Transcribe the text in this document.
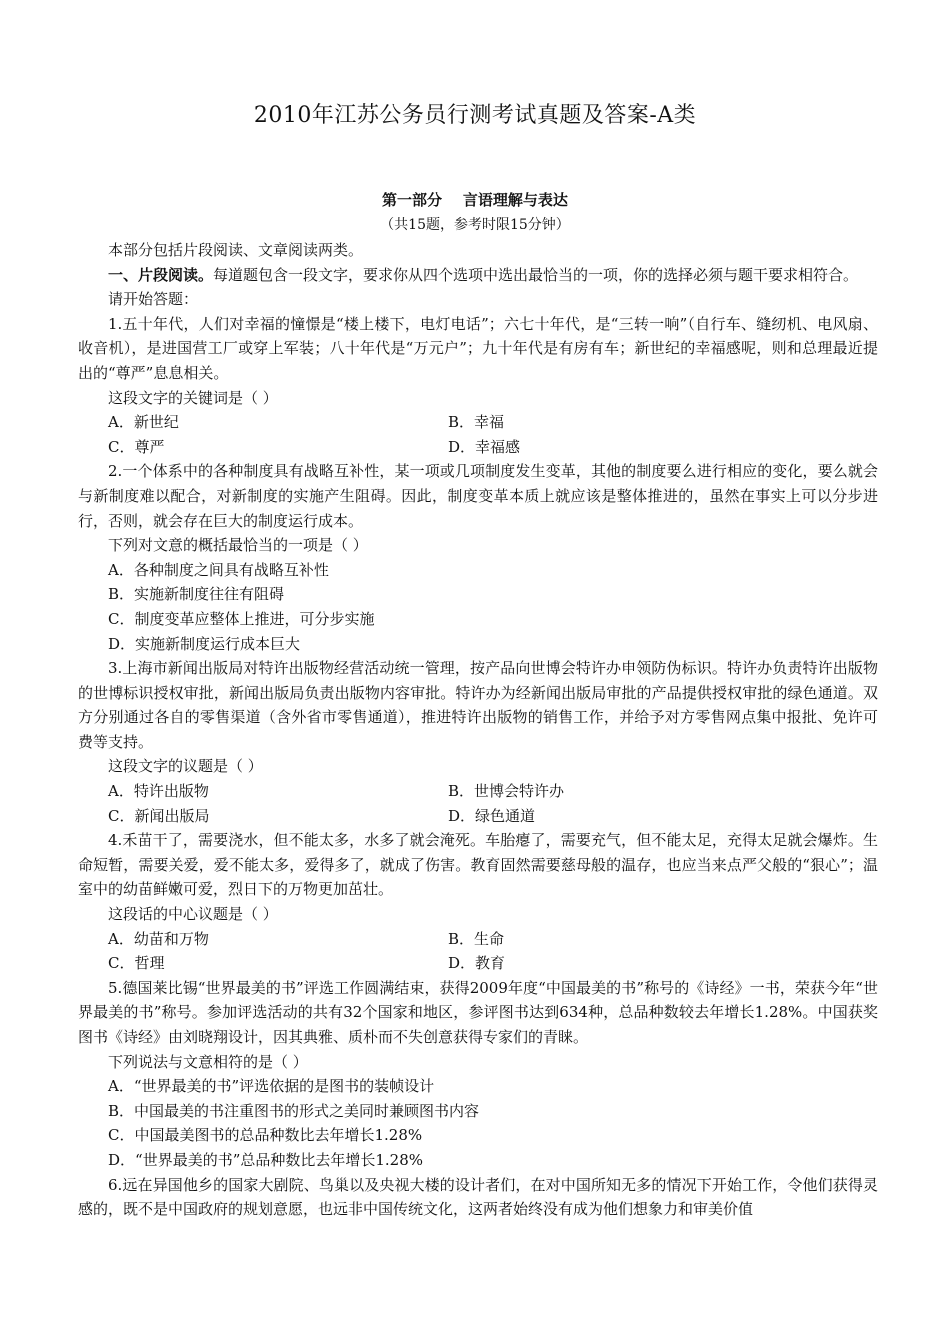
2010年江苏公务员行测考试真题及答案-A类
第一部分    言语理解与表达
（共15题，参考时限15分钟）

本部分包括片段阅读、文章阅读两类。

一、片段阅读。每道题包含一段文字，要求你从四个选项中选出最恰当的一项，你的选择必须与题干要求相符合。

请开始答题：

1.五十年代，人们对幸福的憧憬是“楼上楼下，电灯电话”；六七十年代，是“三转一响”（自行车、缝纫机、电风扇、收音机），是进国营工厂或穿上军装；八十年代是“万元户”；九十年代是有房有车；新世纪的幸福感呢，则和总理最近提出的“尊严”息息相关。

这段文字的关键词是（ ）

A．新世纪	B．幸福
C．尊严	D．幸福感

2.一个体系中的各种制度具有战略互补性，某一项或几项制度发生变革，其他的制度要么进行相应的变化，要么就会与新制度难以配合，对新制度的实施产生阻碍。因此，制度变革本质上就应该是整体推进的，虽然在事实上可以分步进行，否则，就会存在巨大的制度运行成本。

下列对文意的概括最恰当的一项是（ ）

A．各种制度之间具有战略互补性

B．实施新制度往往有阻碍

C．制度变革应整体上推进，可分步实施

D．实施新制度运行成本巨大

3.上海市新闻出版局对特许出版物经营活动统一管理，按产品向世博会特许办申领防伪标识。特许办负责特许出版物的世博标识授权审批，新闻出版局负责出版物内容审批。特许办为经新闻出版局审批的产品提供授权审批的绿色通道。双方分别通过各自的零售渠道（含外省市零售通道），推进特许出版物的销售工作，并给予对方零售网点集中报批、免许可费等支持。

这段文字的议题是（ ）

A．特许出版物	B．世博会特许办
C．新闻出版局	D．绿色通道

4.禾苗干了，需要浇水，但不能太多，水多了就会淹死。车胎瘪了，需要充气，但不能太足，充得太足就会爆炸。生命短暂，需要关爱，爱不能太多，爱得多了，就成了伤害。教育固然需要慈母般的温存，也应当来点严父般的“狠心”；温室中的幼苗鲜嫩可爱，烈日下的万物更加茁壮。

这段话的中心议题是（ ）

A．幼苗和万物	B．生命
C．哲理	D．教育

5.德国莱比锡“世界最美的书”评选工作圆满结束，获得2009年度“中国最美的书”称号的《诗经》一书，荣获今年“世界最美的书”称号。参加评选活动的共有32个国家和地区，参评图书达到634种，总品种数较去年增长1.28%。中国获奖图书《诗经》由刘晓翔设计，因其典雅、质朴而不失创意获得专家们的青睐。

下列说法与文意相符的是（ ）

A．“世界最美的书”评选依据的是图书的装帧设计

B．中国最美的书注重图书的形式之美同时兼顾图书内容

C．中国最美图书的总品种数比去年增长1.28%

D．“世界最美的书”总品种数比去年增长1.28%

6.远在异国他乡的国家大剧院、鸟巢以及央视大楼的设计者们，在对中国所知无多的情况下开始工作，令他们获得灵感的，既不是中国政府的规划意愿，也远非中国传统文化，这两者始终没有成为他们想象力和审美价值
